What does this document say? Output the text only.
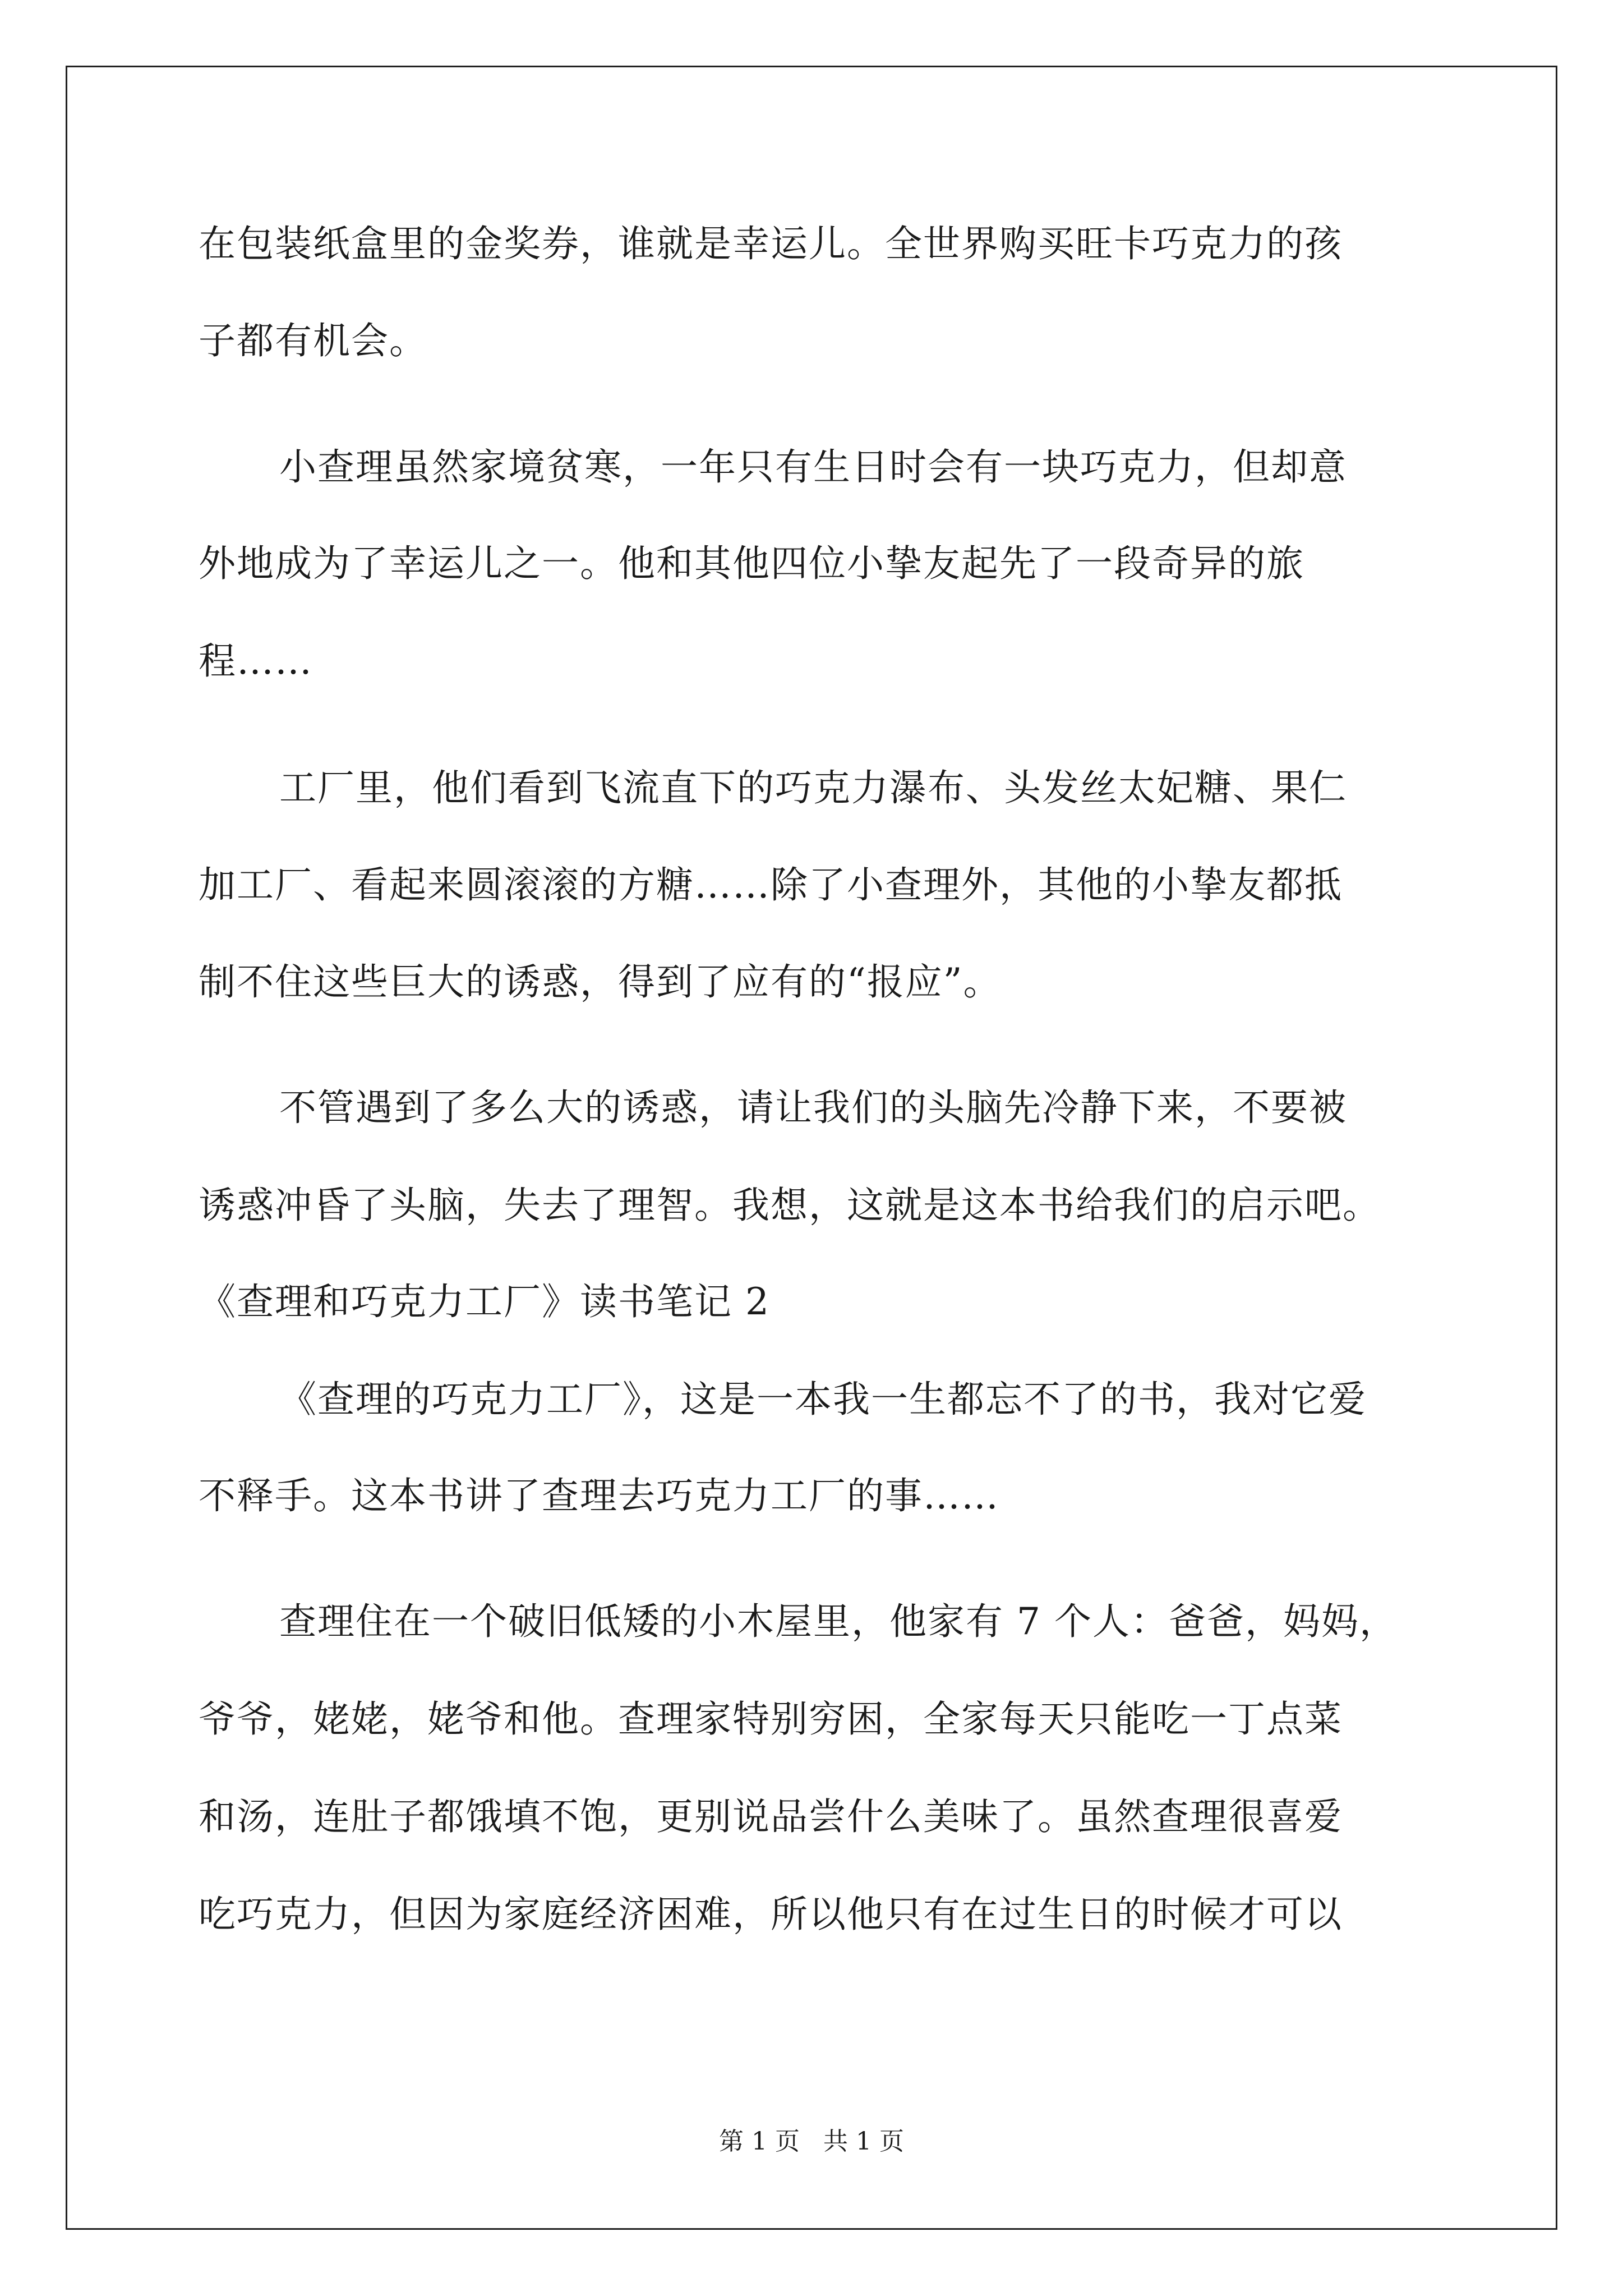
在包装纸盒里的金奖券，谁就是幸运儿。全世界购买旺卡巧克力的孩
子都有机会。
小查理虽然家境贫寒，一年只有生日时会有一块巧克力，但却意
外地成为了幸运儿之一。他和其他四位小挚友起先了一段奇异的旅
程……
工厂里，他们看到飞流直下的巧克力瀑布、头发丝太妃糖、果仁
加工厂、看起来圆滚滚的方糖……除了小查理外，其他的小挚友都抵
制不住这些巨大的诱惑，得到了应有的“报应”。
不管遇到了多么大的诱惑，请让我们的头脑先冷静下来，不要被
诱惑冲昏了头脑，失去了理智。我想，这就是这本书给我们的启示吧。
《查理和巧克力工厂》读书笔记 2
《查理的巧克力工厂》，这是一本我一生都忘不了的书，我对它爱
不释手。这本书讲了查理去巧克力工厂的事……
查理住在一个破旧低矮的小木屋里，他家有 7 个人：爸爸，妈妈，
爷爷，姥姥，姥爷和他。查理家特别穷困，全家每天只能吃一丁点菜
和汤，连肚子都饿填不饱，更别说品尝什么美味了。虽然查理很喜爱
吃巧克力，但因为家庭经济困难，所以他只有在过生日的时候才可以
第 1 页   共 1 页
